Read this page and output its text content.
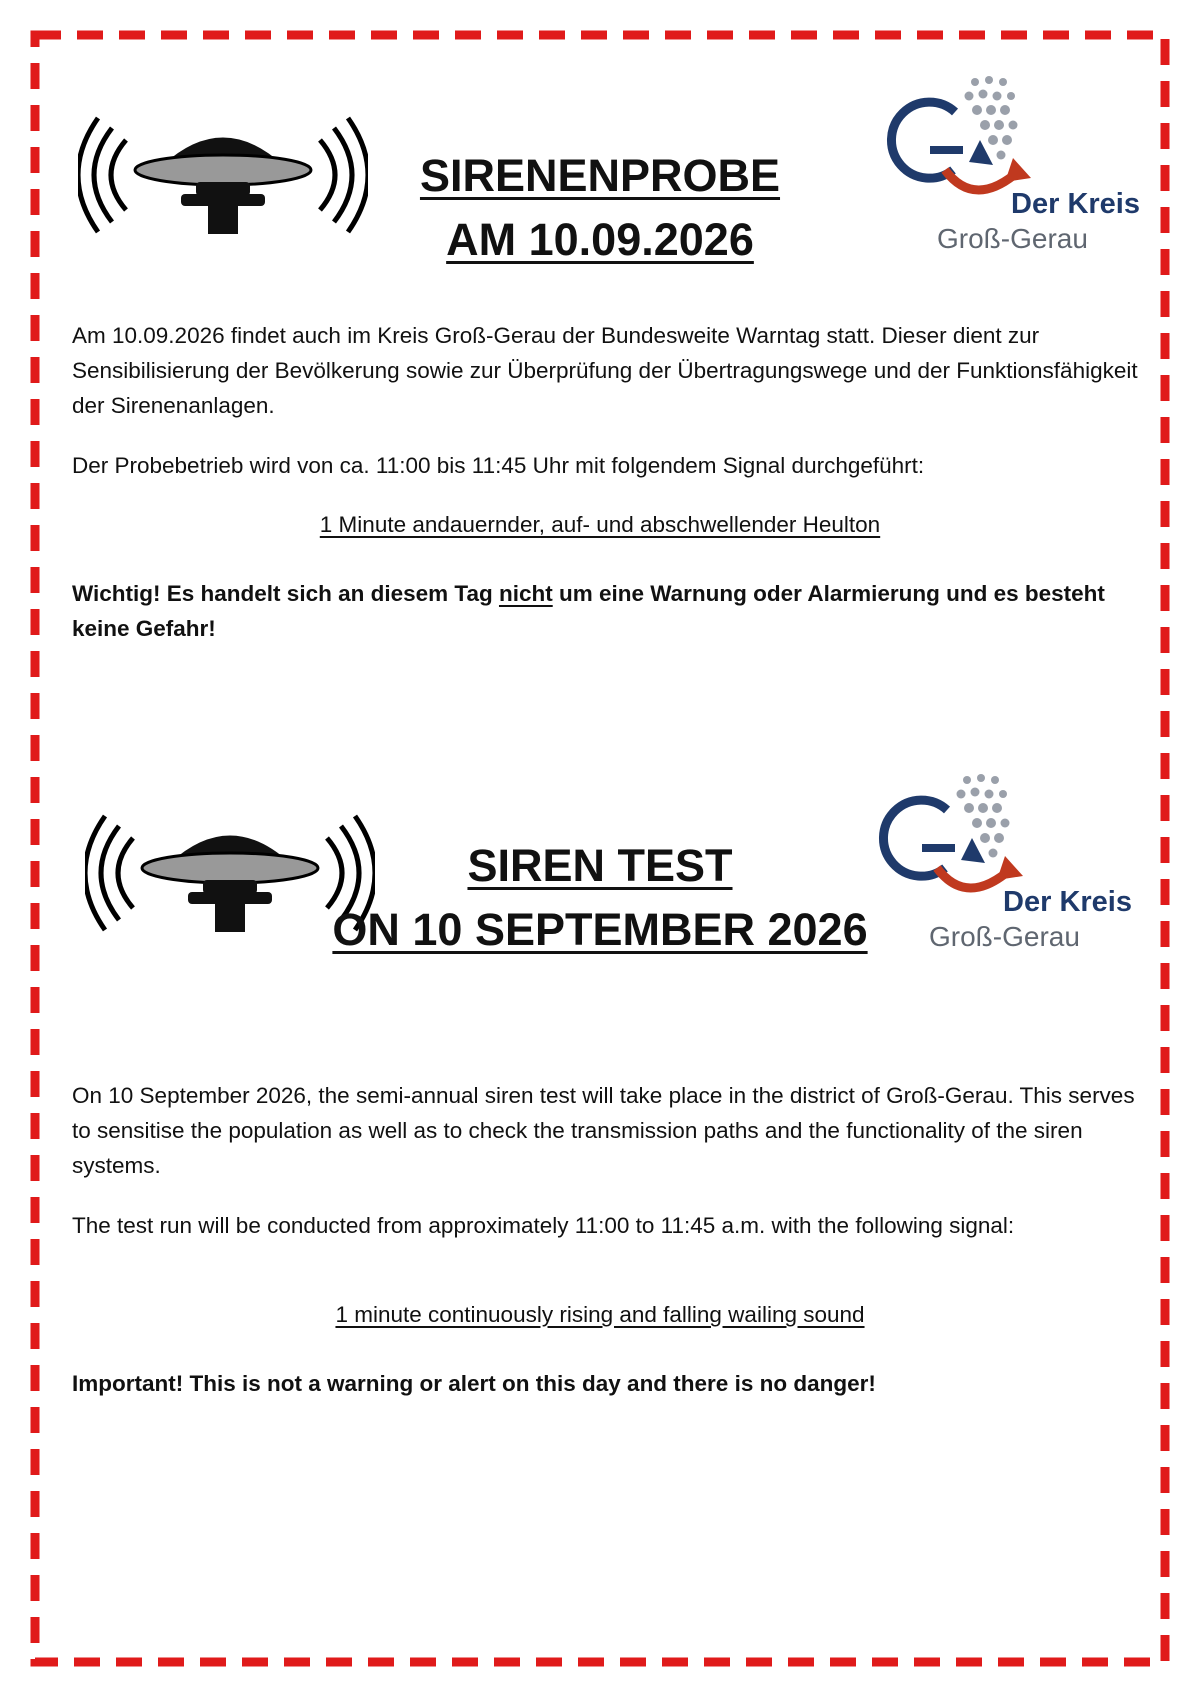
SIRENENPROBE
AM 10.09.2026
Der Kreis
Groß-Gerau
Am 10.09.2026 findet auch im Kreis Groß-Gerau der Bundesweite Warntag statt. Dieser dient zur Sensibilisierung der Bevölkerung sowie zur Überprüfung der Übertragungswege und der Funktionsfähigkeit der Sirenenanlagen.
Der Probebetrieb wird von ca. 11:00 bis 11:45 Uhr mit folgendem Signal durchgeführt:
1 Minute andauernder, auf- und abschwellender Heulton
Wichtig! Es handelt sich an diesem Tag nicht um eine Warnung oder Alarmierung und es besteht keine Gefahr!
SIREN TEST
ON 10 SEPTEMBER 2026
Der Kreis
Groß-Gerau
On 10 September 2026, the semi-annual siren test will take place in the district of Groß-Gerau. This serves to sensitise the population as well as to check the transmission paths and the functionality of the siren systems.
The test run will be conducted from approximately 11:00 to 11:45 a.m. with the following signal:
1 minute continuously rising and falling wailing sound
Important! This is not a warning or alert on this day and there is no danger!
